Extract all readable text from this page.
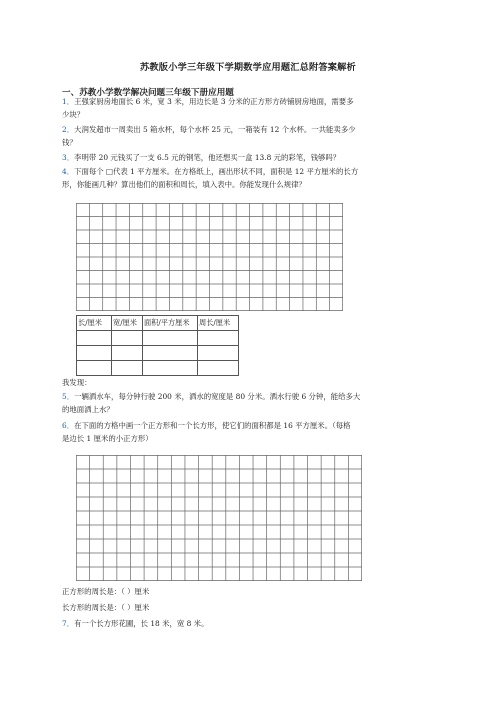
苏教版小学三年级下学期数学应用题汇总附答案解析
一、苏教小学数学解决问题三年级下册应用题
1．王强家厨房地面长 6 米，宽 3 米，用边长是 3 分米的正方形方砖铺厨房地面，需要多
少块？
2．大润发超市一周卖出 5 箱水杯，每个水杯 25 元，一箱装有 12 个水杯。一共能卖多少
钱？
3．李明带 20 元钱买了一支 6.5 元的钢笔，他还想买一盒 13.8 元的彩笔，钱够吗？
4．下面每个 □代表 1 平方厘米。在方格纸上，画出形状不同，面积是 12 平方厘米的长方
形，你能画几种？算出他们的面积和周长，填入表中。你能发现什么规律？
长/厘米	宽/厘米	面积/平方厘米	周长/厘米

我发现：
5．一辆洒水车，每分钟行驶 200 米，洒水的宽度是 80 分米。洒水行驶 6 分钟，能给多大
的地面洒上水？
6．在下面的方格中画一个正方形和一个长方形，使它们的面积都是 16 平方厘米。（每格
是边长 1 厘米的小正方形）
正方形的周长是：（ ）厘米
长方形的周长是：（ ）厘米
7．有一个长方形花圃，长 18 米，宽 8 米。
